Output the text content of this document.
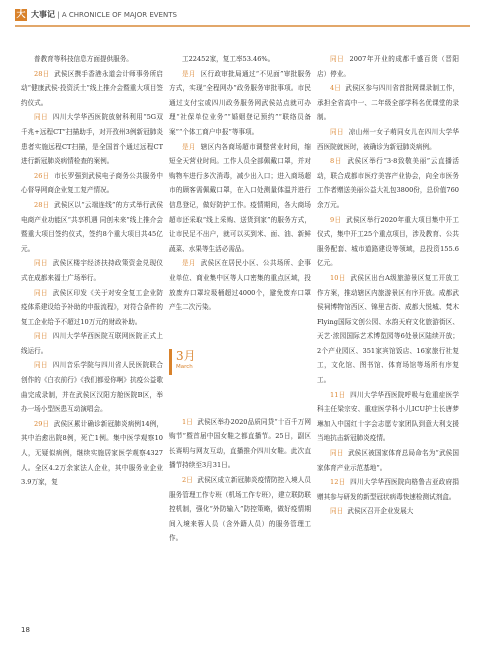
大 大事记 | A CHRONICLE OF MAJOR EVENTS

普教育等科技信息方面提供服务。

28日 武侯区携手香港永道会计师事务所启动“健康武侯·投资沃土”线上推介会暨重大项目签约仪式。

同日 四川大学华西医院放射科利用“5G双千兆+远程CT”扫描助手，对开孜州3例新冠肺炎患者实施远程CT扫描，是全国首个通过远程CT进行新冠肺炎病情检查的案例。

26日 市长罗强到武侯电子商务公共服务中心督导网商企业复工复产情况。

28日 武侯区以“云端连线”的方式举行武侯电商产业功能区“共享机遇 同创未来”线上推介会暨重大项目签约仪式，签约8个重大项目共45亿元。

同日 武侯区楼宇经济扶持政策资金兑现仪式在成都来福士广场举行。

同日 武侯区印发《关于对安全复工企业防疫体系建设给予补助的申报流程》，对符合条件的复工企业给予不超过10万元的财政补助。

同日 四川大学华西医院互联网医院正式上线运行。

同日 四川音乐学院与四川省人民医院联合创作的《白衣前行》《我们都爱你啊》抗疫公益歌曲完成录制，并在武侯区汉阳方舱医院B区，举办一场小型医患互动演唱会。

29日 武侯区累计确诊新冠肺炎病例14例，其中治愈出院8例，死亡1例。集中医学观察10人，无疑似病例，继续实施居家医学观察4327人。全区4.2万余家法人企业，其中服务业企业3.9万家，复

工22452家，复工率53.46%。

是月 区行政审批局通过“不见面”审批服务方式，实现“全程网办”政务服务审批事项。市民通过支付宝或四川政务服务网武侯站点就可办理“社保单位业务”“婚姻登记预约”“联络员备案”“个体工商户申报”等事项。

是月 辖区内各商场超市调整营业时间，缩短全天营业时间。工作人员全部佩戴口罩，并对购物车进行多次消毒，减少出入口；进入商场超市的顾客需佩戴口罩，在入口处测量体温并进行信息登记，做好防护工作。疫情期间，各大商场超市还采取“线上采购、送货到家”的服务方式，让市民足不出户，就可以买到米、面、油、新鲜蔬菜、水果等生活必需品。

是月 武侯区在居民小区、公共场所、企事业单位、商业集中区等人口密集的重点区域，投放废弃口罩垃圾桶超过4000个，避免废弃口罩产生二次污染。

3月
March

1日 武侯区举办2020品质同贷“十百千万网购节”暨首届中国女鞋之都直播节。25日，副区长赛明与网友互动，直播推介四川女鞋。此次直播节持续至3月31日。

2日 武侯区成立新冠肺炎疫情防控入境人员服务管理工作专班（机场工作专班），建立联防联控机制，强化“外防输入”防控策略，做好疫情期间入境来蓉人员（含外籍人员）的服务管理工作。

同日 2007年开业的成都千盛百货（晋阳店）停业。

4日 武侯区参与四川省首批网课录制工作，承担全省高中一、二年级全部学科名优课堂的录制。

同日 凉山州一女子萌同女儿在四川大学华西医院就医时，被确诊为新冠肺炎病例。

8日 武侯区举行“3·8致敬美丽”云直播活动，联合成都市医疗美容产业协会，向全市医务工作者赠送美丽公益大礼包3800份，总价值760余万元。

9日 武侯区举行2020年重大项目集中开工仪式，集中开工25个重点项目，涉及教育、公共服务配套、城市道路建设等领域，总投资155.6亿元。

10日 武侯区出台A级旅游景区复工开放工作方案，推动辖区内旅游景区有序开放。成都武侯祠博物馆西区、锦里古街、成都大悦城、梵木Flying国际文创公园、水韵天府文化旅游街区、天艺·浓园国际艺术博览园等6处景区陆续开放；2个产业园区、351家宾馆饭店、16家旅行社复工，文化馆、图书馆、体育场馆等场所有序复工。

11日 四川大学华西医院呼吸与危重症医学科主任梁宗安、重症医学科小儿ICU护士长唐梦琳加入中国红十字会志愿专家团队到意大利支援当地抗击新冠肺炎疫情。

同日 武侯区被国家体育总局命名为“武侯国家体育产业示范基地”。

12日 四川大学华西医院向格鲁吉亚政府捐赠其参与研发的新型冠状病毒快速检测试剂盒。

同日 武侯区召开企业发展大

18
